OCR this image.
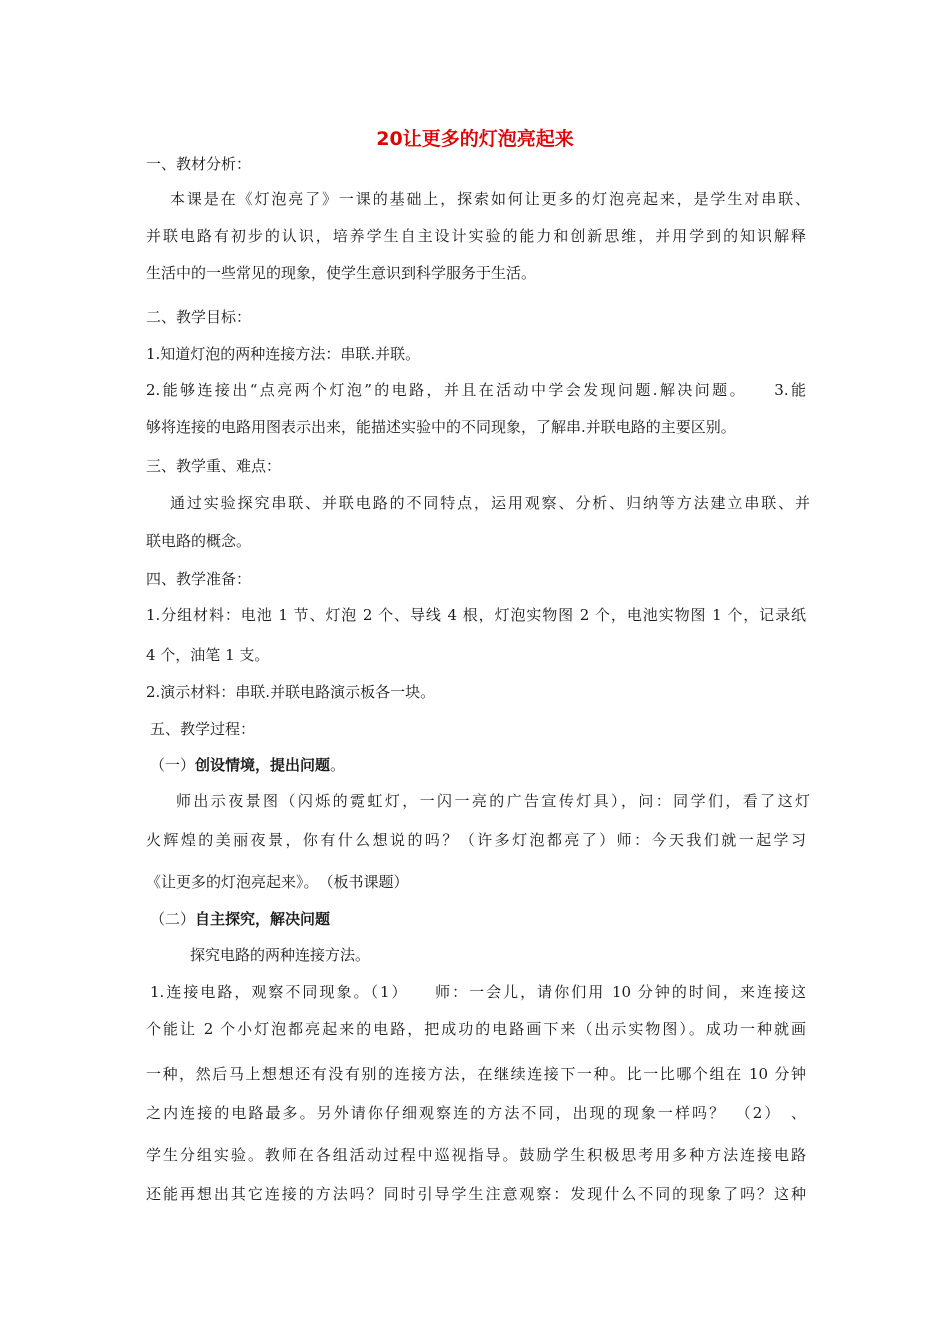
20让更多的灯泡亮起来
一、教材分析：
本课是在《灯泡亮了》一课的基础上，探索如何让更多的灯泡亮起来，是学生对串联、
并联电路有初步的认识，培养学生自主设计实验的能力和创新思维，并用学到的知识解释
生活中的一些常见的现象，使学生意识到科学服务于生活。
二、教学目标：
1.知道灯泡的两种连接方法：串联.并联。
2.能够连接出“点亮两个灯泡”的电路，并且在活动中学会发现问题.解决问题。　　3.能
够将连接的电路用图表示出来，能描述实验中的不同现象，了解串.并联电路的主要区别。
三、教学重、难点：
通过实验探究串联、并联电路的不同特点，运用观察、分析、归纳等方法建立串联、并
联电路的概念。
四、教学准备：
1.分组材料：电池 1 节、灯泡 2 个、导线 4 根，灯泡实物图 2 个，电池实物图 1 个，记录纸
4 个，油笔 1 支。
2.演示材料：串联.并联电路演示板各一块。
五、教学过程：
（一）创设情境，提出问题。
师出示夜景图（闪烁的霓虹灯，一闪一亮的广告宣传灯具），问：同学们，看了这灯
火辉煌的美丽夜景，你有什么想说的吗？（许多灯泡都亮了）师：今天我们就一起学习
《让更多的灯泡亮起来》。　（板书课题）
（二）自主探究，解决问题
探究电路的两种连接方法。
1.连接电路，观察不同现象。（1）　　师：一会儿，请你们用 10 分钟的时间，来连接这
个能让 2 个小灯泡都亮起来的电路，把成功的电路画下来（出示实物图）。成功一种就画
一种，然后马上想想还有没有别的连接方法，在继续连接下一种。比一比哪个组在 10 分钟
之内连接的电路最多。另外请你仔细观察连的方法不同，出现的现象一样吗？　（2）　、
学生分组实验。教师在各组活动过程中巡视指导。鼓励学生积极思考用多种方法连接电路
还能再想出其它连接的方法吗？同时引导学生注意观察：发现什么不同的现象了吗？这种
